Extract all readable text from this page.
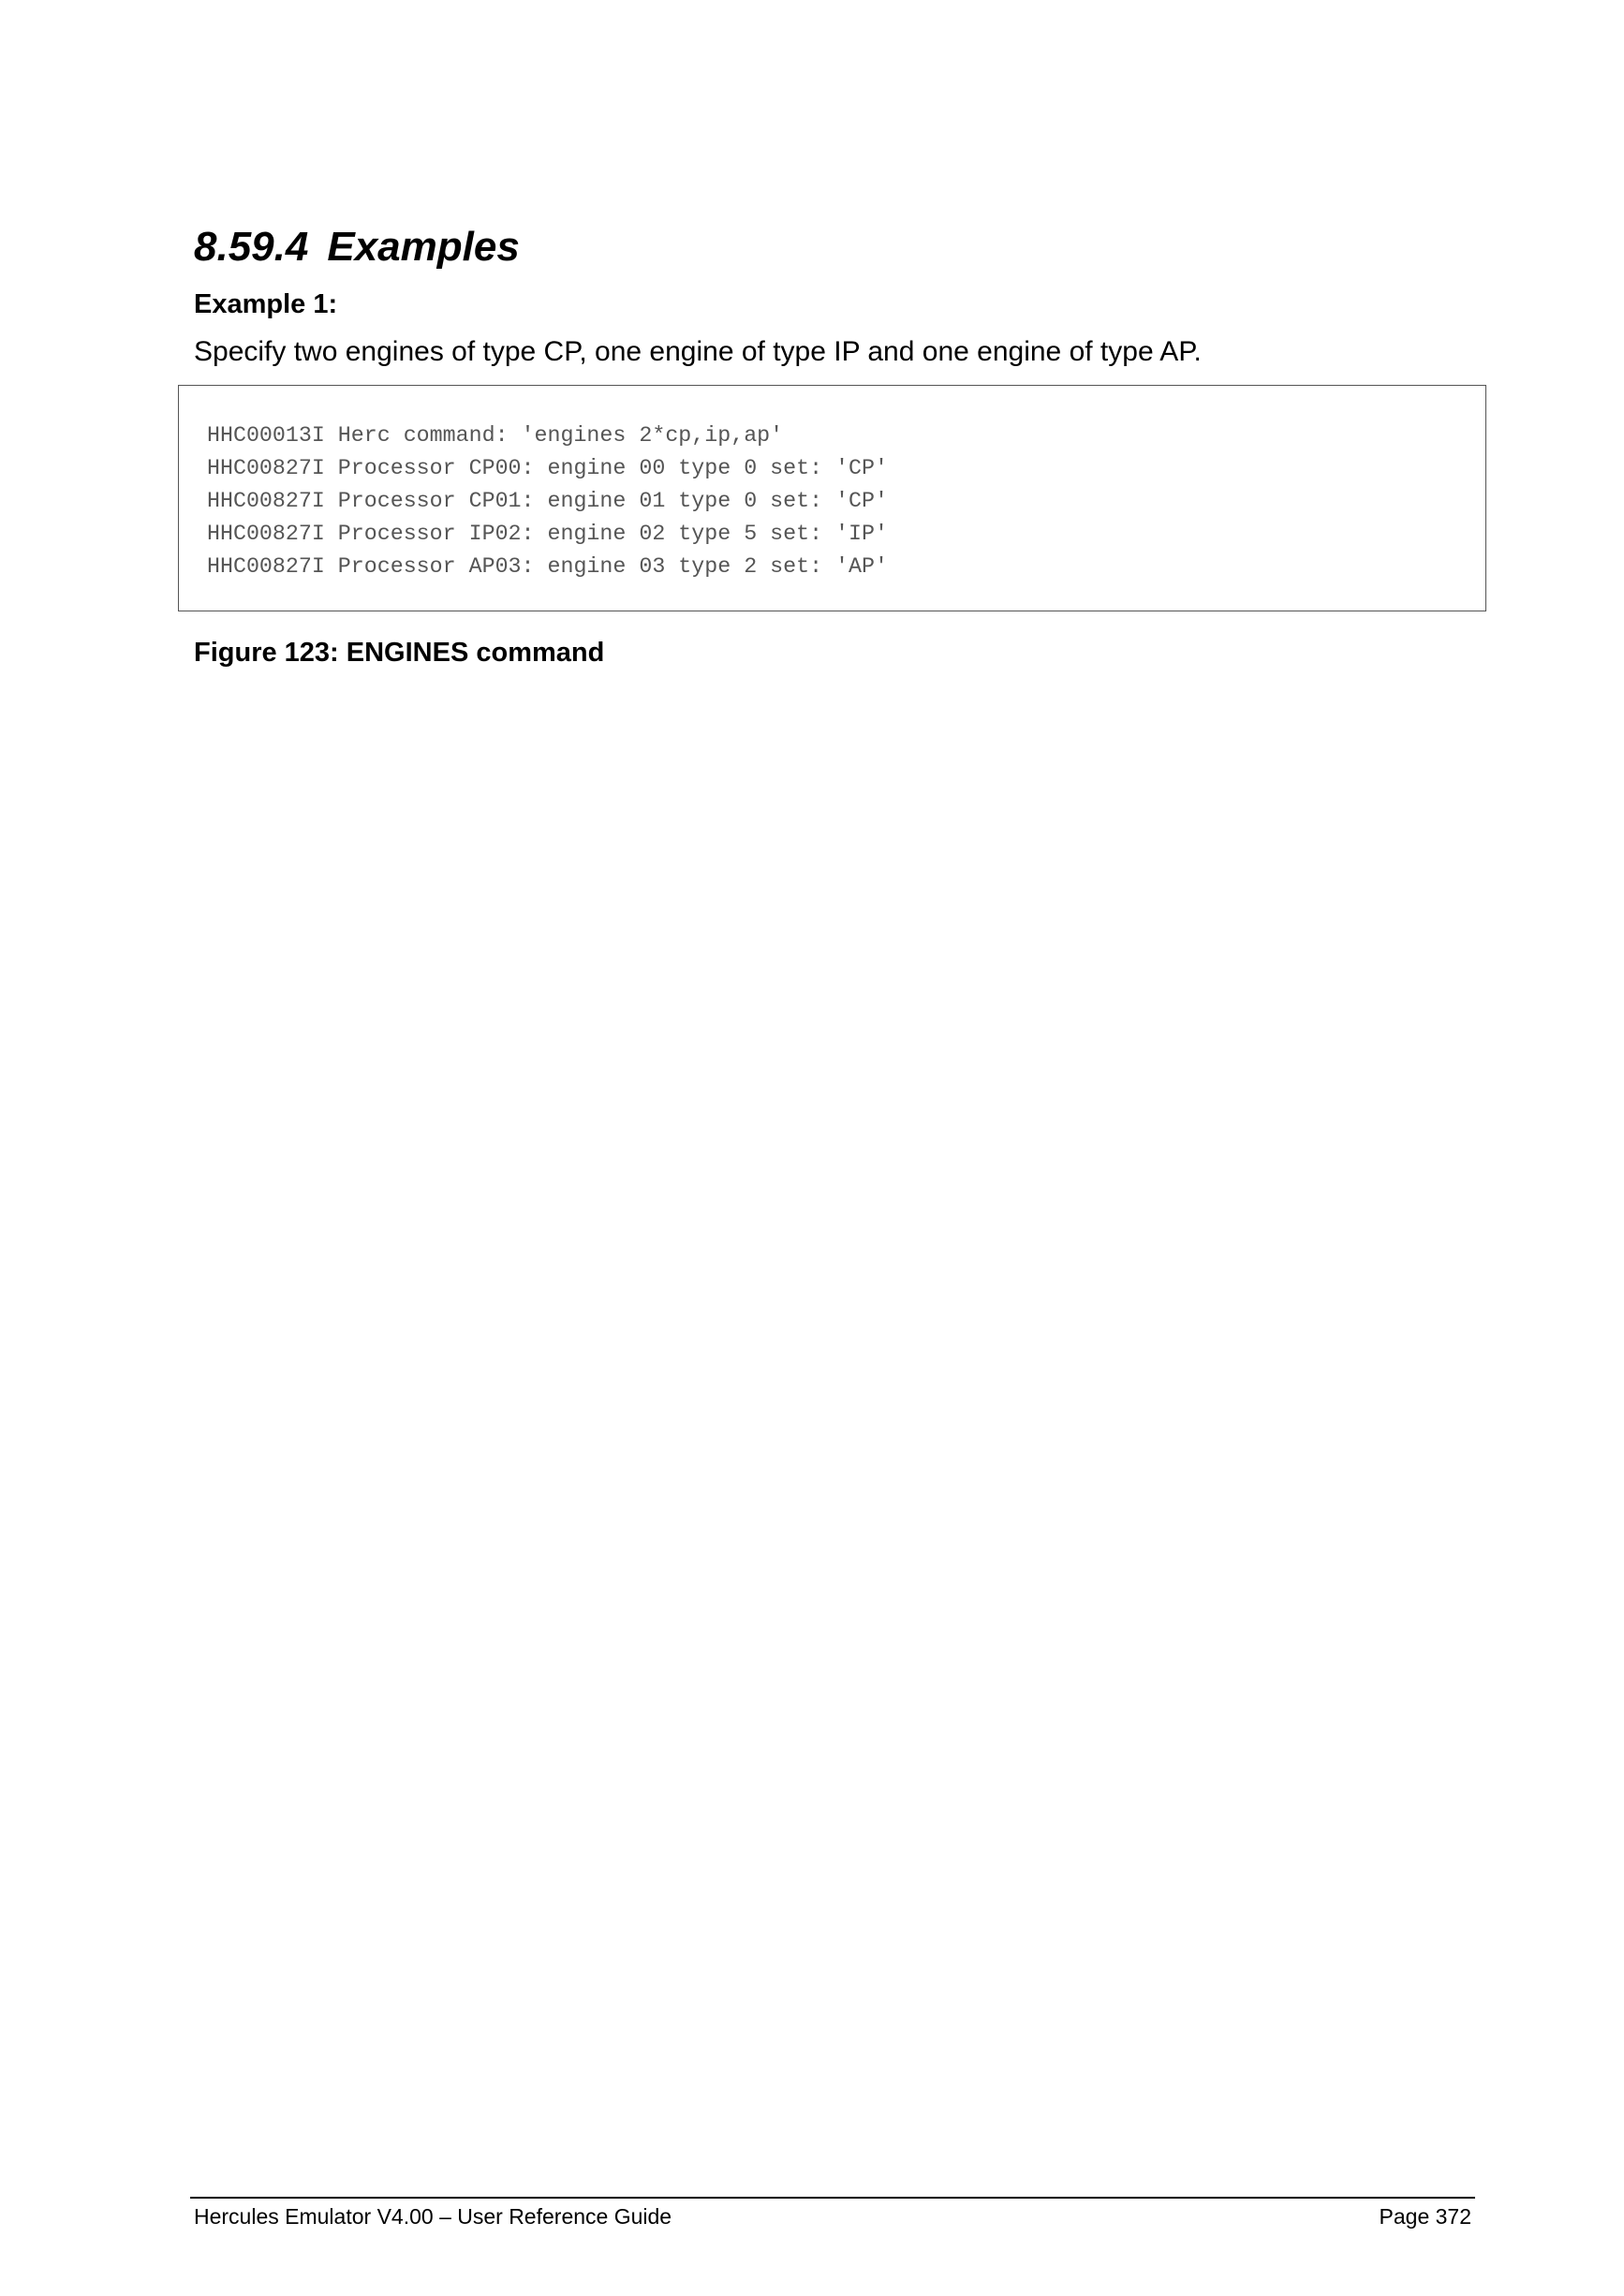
8.59.4 Examples

Example 1:

Specify two engines of type CP, one engine of type IP and one engine of type AP.

HHC00013I Herc command: 'engines 2*cp,ip,ap'
HHC00827I Processor CP00: engine 00 type 0 set: 'CP'
HHC00827I Processor CP01: engine 01 type 0 set: 'CP'
HHC00827I Processor IP02: engine 02 type 5 set: 'IP'
HHC00827I Processor AP03: engine 03 type 2 set: 'AP'

Figure 123: ENGINES command

Hercules Emulator V4.00 – User Reference Guide	Page 372
